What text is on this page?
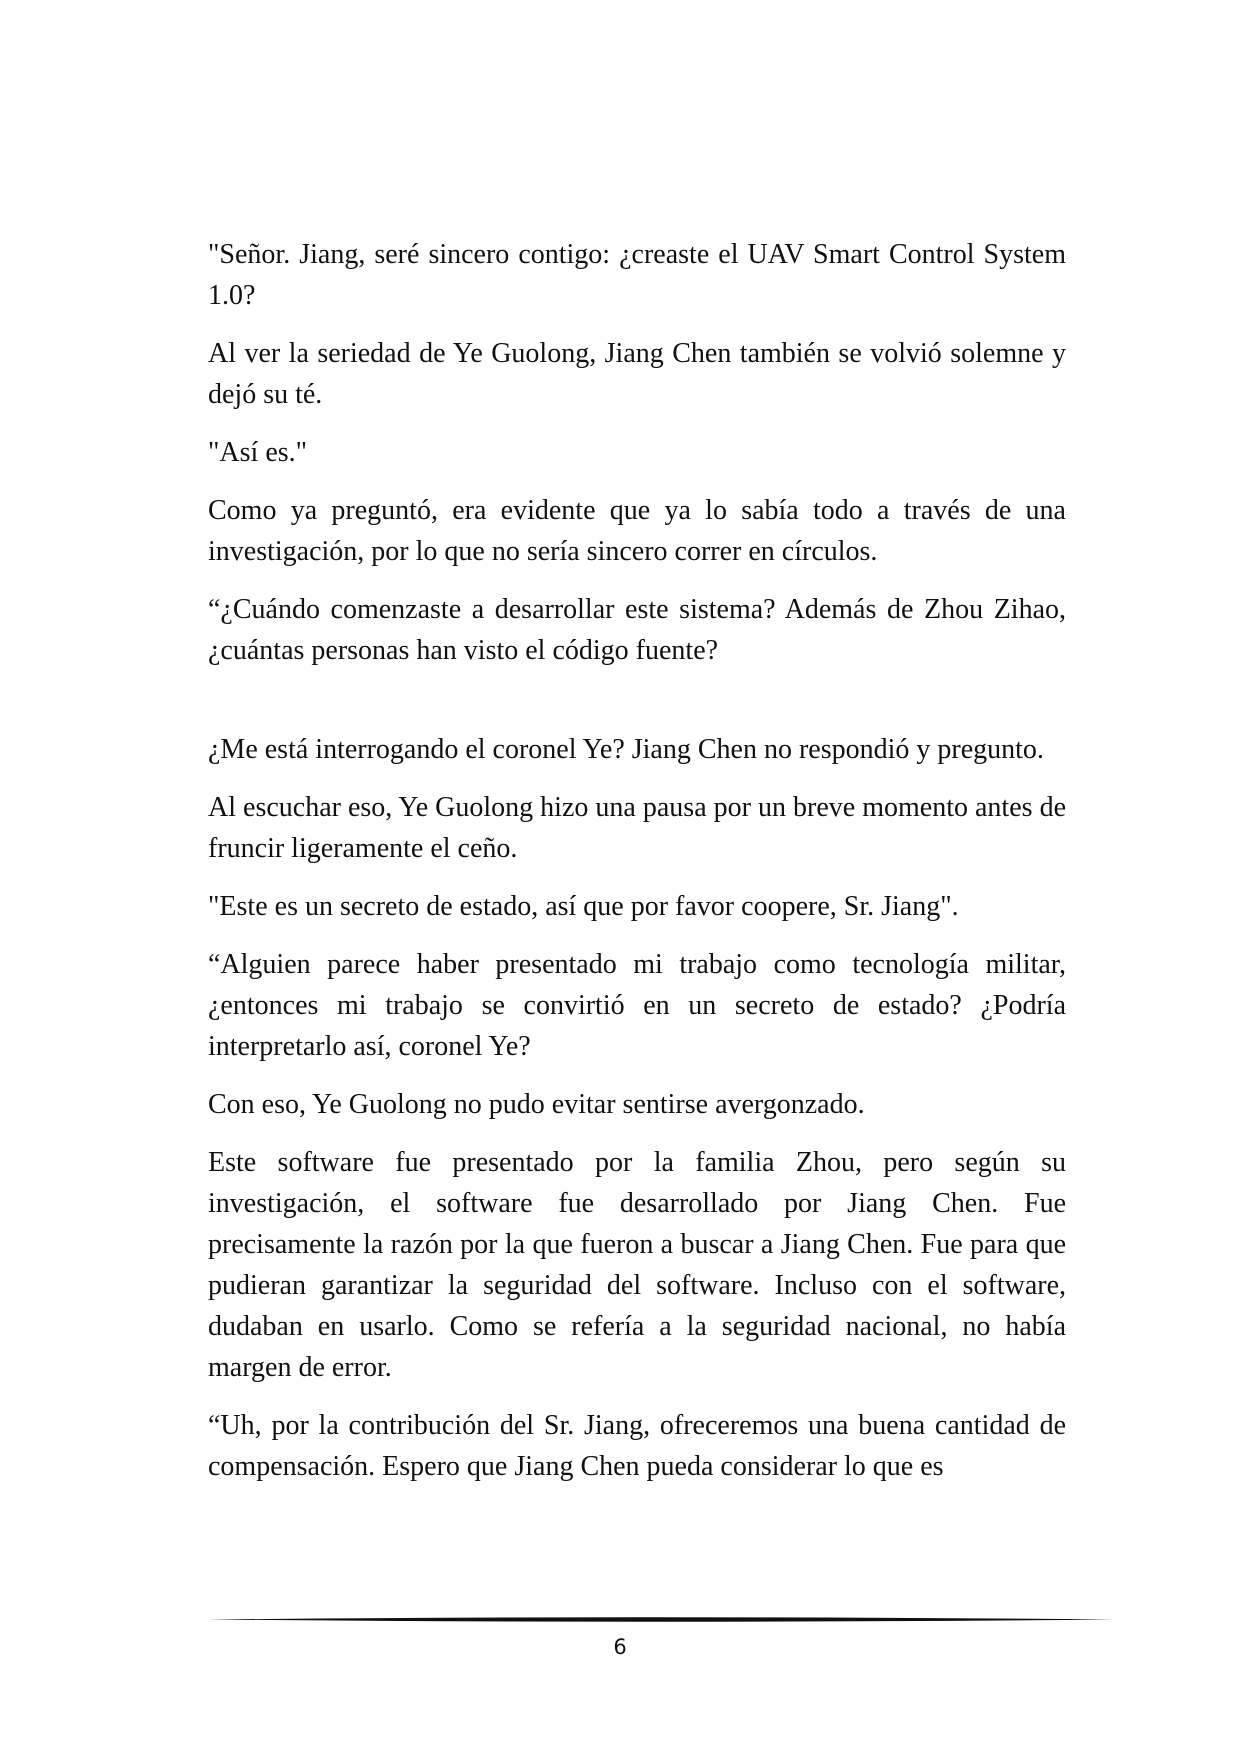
"Señor. Jiang, seré sincero contigo: ¿creaste el UAV Smart Control System 1.0?

Al ver la seriedad de Ye Guolong, Jiang Chen también se volvió solemne y dejó su té.

"Así es."

Como ya preguntó, era evidente que ya lo sabía todo a través de una investigación, por lo que no sería sincero correr en círculos.

“¿Cuándo comenzaste a desarrollar este sistema? Además de Zhou Zihao, ¿cuántas personas han visto el código fuente?

¿Me está interrogando el coronel Ye? Jiang Chen no respondió y pregunto.

Al escuchar eso, Ye Guolong hizo una pausa por un breve momento antes de fruncir ligeramente el ceño.

"Este es un secreto de estado, así que por favor coopere, Sr. Jiang".

“Alguien parece haber presentado mi trabajo como tecnología militar, ¿entonces mi trabajo se convirtió en un secreto de estado? ¿Podría interpretarlo así, coronel Ye?

Con eso, Ye Guolong no pudo evitar sentirse avergonzado.

Este software fue presentado por la familia Zhou, pero según su investigación, el software fue desarrollado por Jiang Chen. Fue precisamente la razón por la que fueron a buscar a Jiang Chen. Fue para que pudieran garantizar la seguridad del software. Incluso con el software, dudaban en usarlo. Como se refería a la seguridad nacional, no había margen de error.

“Uh, por la contribución del Sr. Jiang, ofreceremos una buena cantidad de compensación. Espero que Jiang Chen pueda considerar lo que es

6
